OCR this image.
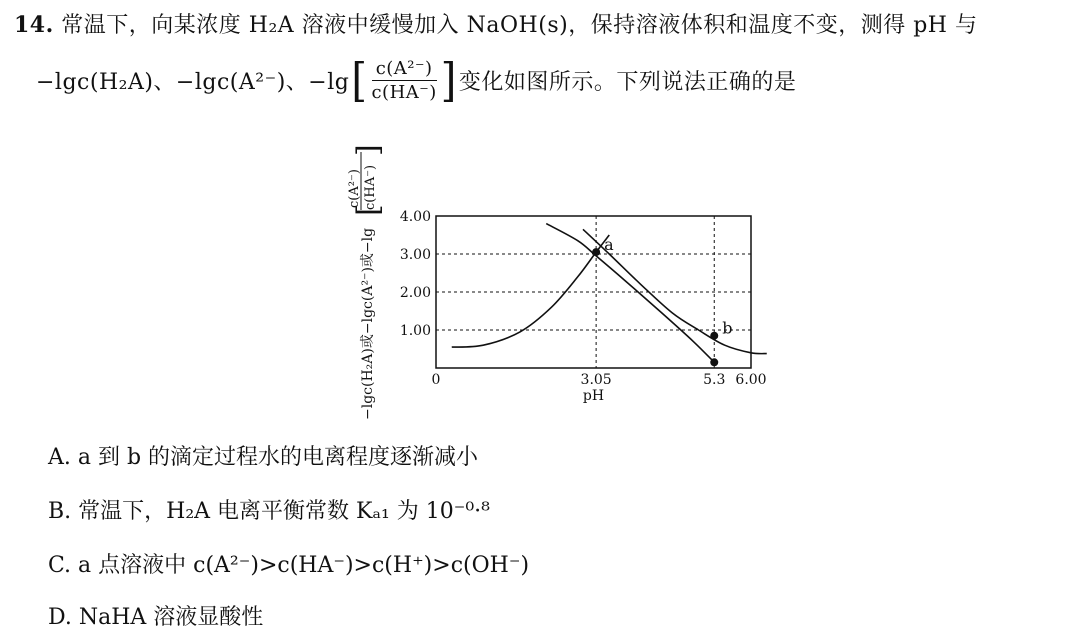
14. 常温下，向某浓度 H₂A 溶液中缓慢加入 NaOH(s)，保持溶液体积和温度不变，测得 pH 与
−lgc(H₂A)、−lgc(A²⁻)、−lg [ $\frac{\text{c(A²⁻)}}{c(HA^-)}$ ] 变化如图所示。下列说法正确的是
−lgc(H₂A)或−lgc(A²⁻)或−lg
[
c(A²⁻) c(HA⁻)
]
1.00
2.00
3.00
4.00
0	3.05	5.3 6.00
pH
a
b
A. a 到 b 的滴定过程水的电离程度逐渐减小
B. 常温下，H₂A 电离平衡常数 Kₐ₁ 为 10⁻⁰·⁸
C. a 点溶液中 c(A²⁻)>c(HA⁻)>c(H⁺)>c(OH⁻)
D. NaHA 溶液显酸性
